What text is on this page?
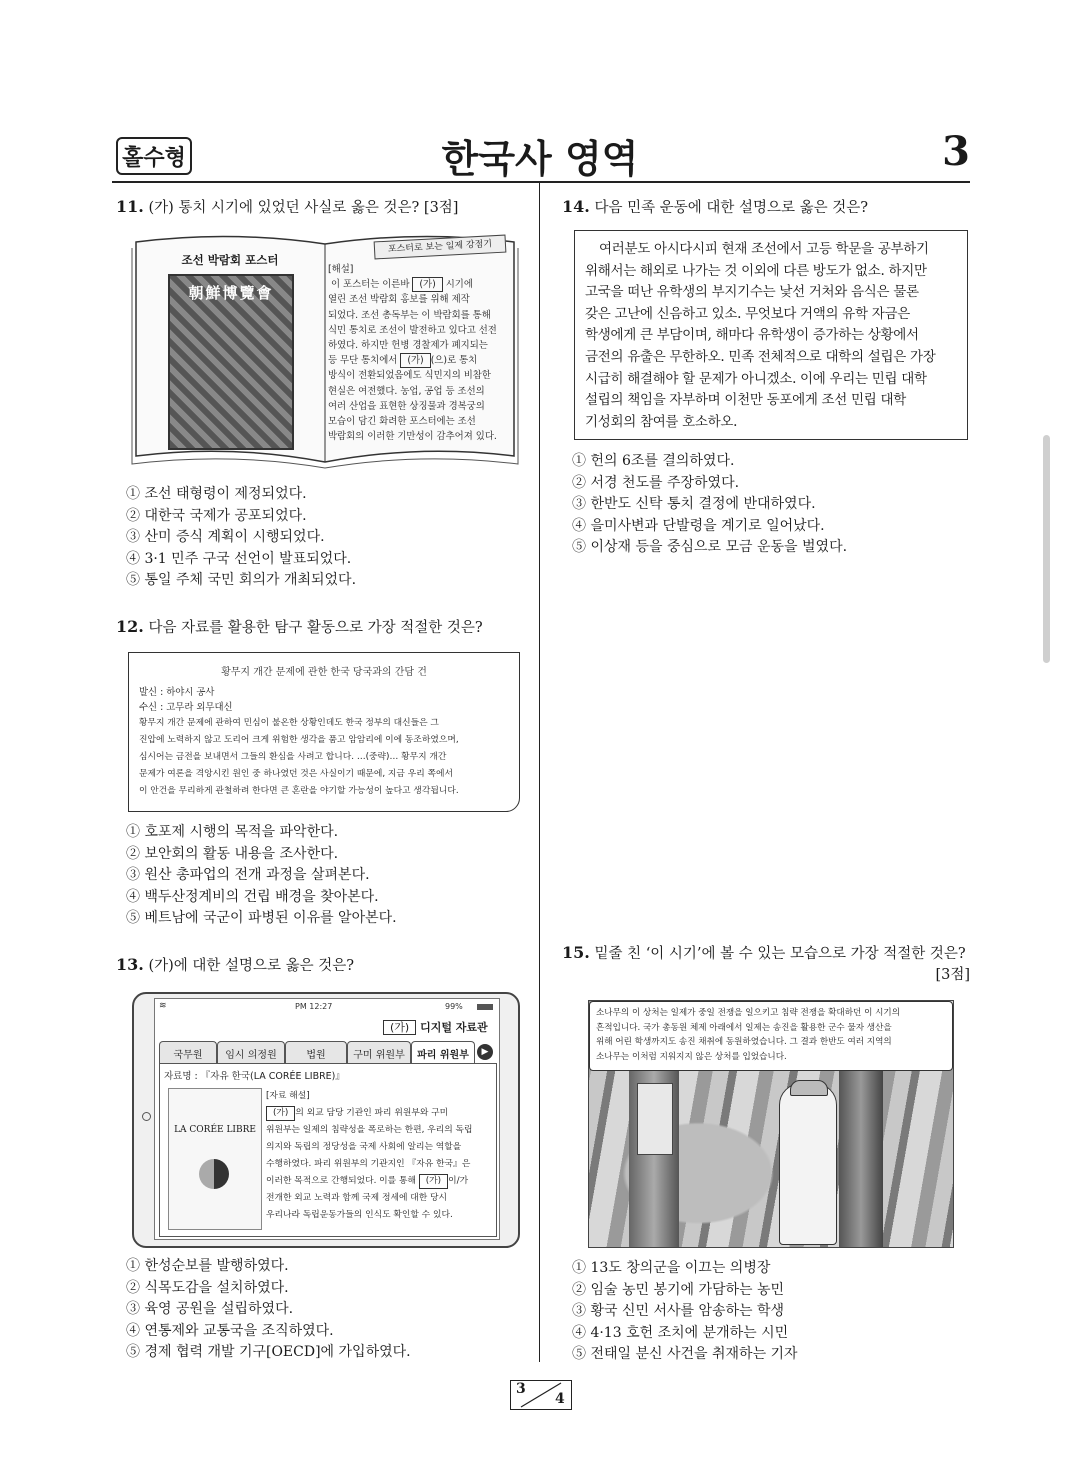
홀수형	한국사 영역	3
11. (가) 통치 시기에 있었던 사실로 옳은 것은? [3점]
조선 박람회 포스터
朝鮮博覽會
포스터로 보는 일제 강점기
[해설]
이 포스터는 이른바 (가) 시기에
열린 조선 박람회 홍보를 위해 제작
되었다. 조선 총독부는 이 박람회를 통해
식민 통치로 조선이 발전하고 있다고 선전
하였다. 하지만 헌병 경찰제가 폐지되는
등 무단 통치에서 (가) (으)로 통치
방식이 전환되었음에도 식민지의 비참한
현실은 여전했다. 농업, 공업 등 조선의
여러 산업을 표현한 상징물과 경복궁의
모습이 담긴 화려한 포스터에는 조선
박람회의 이러한 기만성이 감추어져 있다.
① 조선 태형령이 제정되었다.
② 대한국 국제가 공포되었다.
③ 산미 증식 계획이 시행되었다.
④ 3·1 민주 구국 선언이 발표되었다.
⑤ 통일 주체 국민 회의가 개최되었다.
12. 다음 자료를 활용한 탐구 활동으로 가장 적절한 것은?
황무지 개간 문제에 관한 한국 당국과의 간담 건
발신 : 하야시 공사
수신 : 고무라 외무대신
황무지 개간 문제에 관하여 민심이 불온한 상황인데도 한국 정부의 대신들은 그
진압에 노력하지 않고 도리어 크게 위험한 생각을 품고 암암리에 이에 동조하였으며,
심시어는 금전을 보내면서 그들의 환심을 사려고 합니다. …(중략)… 황무지 개간
문제가 여론을 격앙시킨 원인 중 하나였던 것은 사실이기 때문에, 지금 우리 쪽에서
이 안건을 무리하게 관철하려 한다면 큰 혼란을 야기할 가능성이 높다고 생각됩니다.
① 호포제 시행의 목적을 파악한다.
② 보안회의 활동 내용을 조사한다.
③ 원산 총파업의 전개 과정을 살펴본다.
④ 백두산정계비의 건립 배경을 찾아본다.
⑤ 베트남에 국군이 파병된 이유를 알아본다.
13. (가)에 대한 설명으로 옳은 것은?
≋	PM 12:27	99%
(가) 디지털 자료관
국무원	임시 의정원	법원	구미 위원부	파리 위원부	▶
자료명 : 『자유 한국(LA CORÉE LIBRE)』
LA CORÉE LIBRE
[자료 해설]
(가) 의 외교 담당 기관인 파리 위원부와 구미
위원부는 일제의 침략성을 폭로하는 한편, 우리의 독립
의지와 독립의 정당성을 국제 사회에 알리는 역할을
수행하였다. 파리 위원부의 기관지인 『자유 한국』은
이러한 목적으로 간행되었다. 이를 통해 (가) 이/가
전개한 외교 노력과 함께 국제 정세에 대한 당시
우리나라 독립운동가들의 인식도 확인할 수 있다.
① 한성순보를 발행하였다.
② 식목도감을 설치하였다.
③ 육영 공원을 설립하였다.
④ 연통제와 교통국을 조직하였다.
⑤ 경제 협력 개발 기구[OECD]에 가입하였다.
14. 다음 민족 운동에 대한 설명으로 옳은 것은?
여러분도 아시다시피 현재 조선에서 고등 학문을 공부하기
위해서는 해외로 나가는 것 이외에 다른 방도가 없소. 하지만
고국을 떠난 유학생의 부지기수는 낯선 거처와 음식은 물론
갖은 고난에 신음하고 있소. 무엇보다 거액의 유학 자금은
학생에게 큰 부담이며, 해마다 유학생이 증가하는 상황에서
금전의 유출은 무한하오. 민족 전체적으로 대학의 설립은 가장
시급히 해결해야 할 문제가 아니겠소. 이에 우리는 민립 대학
설립의 책임을 자부하며 이천만 동포에게 조선 민립 대학
기성회의 참여를 호소하오.
① 헌의 6조를 결의하였다.
② 서경 천도를 주장하였다.
③ 한반도 신탁 통치 결정에 반대하였다.
④ 을미사변과 단발령을 계기로 일어났다.
⑤ 이상재 등을 중심으로 모금 운동을 벌였다.
15. 밑줄 친 ‘이 시기’에 볼 수 있는 모습으로 가장 적절한 것은?
[3점]
소나무의 이 상처는 일제가 중일 전쟁을 일으키고 침략 전쟁을 확대하던 이 시기의
흔적입니다. 국가 총동원 체제 아래에서 일제는 송진을 활용한 군수 물자 생산을
위해 어린 학생까지도 송진 채취에 동원하였습니다. 그 결과 한반도 여러 지역의
소나무는 이처럼 지워지지 않은 상처를 입었습니다.
① 13도 창의군을 이끄는 의병장
② 임술 농민 봉기에 가담하는 농민
③ 황국 신민 서사를 암송하는 학생
④ 4·13 호헌 조치에 분개하는 시민
⑤ 전태일 분신 사건을 취재하는 기자
3
4
